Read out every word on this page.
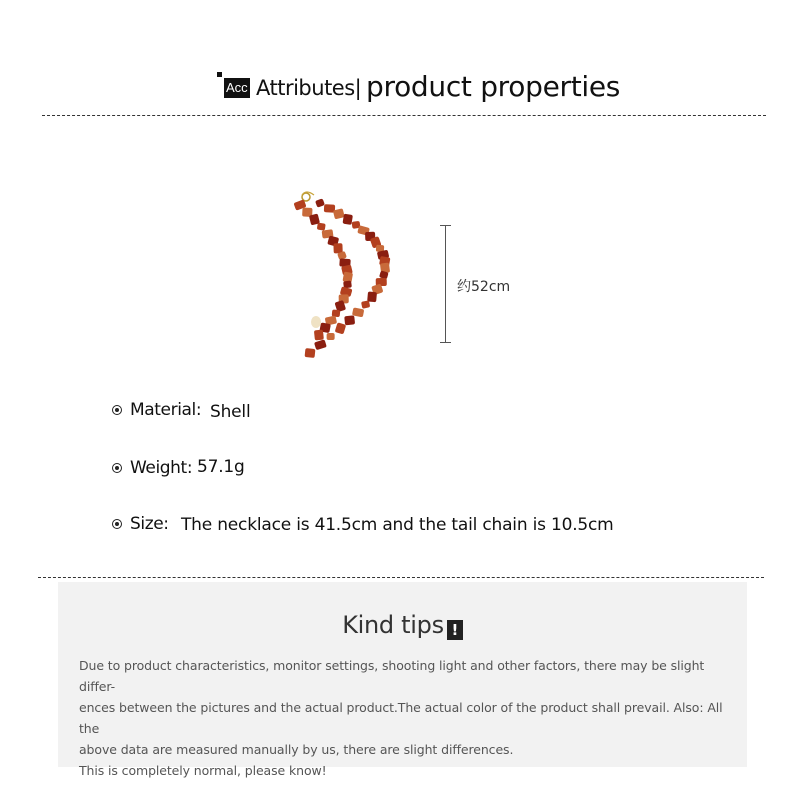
Acc Attributes| product properties
约52cm
Material: Shell
Weight: 57.1g
Size: The necklace is 41.5cm and the tail chain is 10.5cm
Kind tips !

Due to product characteristics, monitor settings, shooting light and other factors, there may be slight differ-

ences between the pictures and the actual product.The actual color of the product shall prevail. Also: All the

above data are measured manually by us, there are slight differences.

This is completely normal, please know!
